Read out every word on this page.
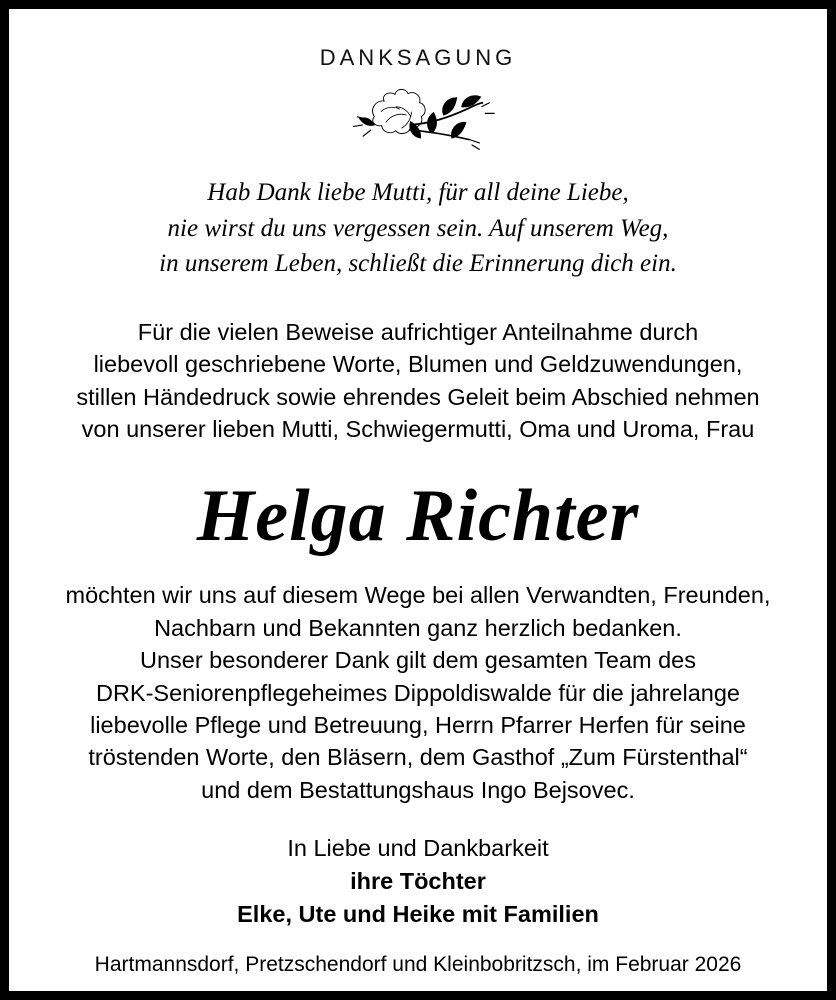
DANKSAGUNG
Hab Dank liebe Mutti, für all deine Liebe,
nie wirst du uns vergessen sein. Auf unserem Weg,
in unserem Leben, schließt die Erinnerung dich ein.
Für die vielen Beweise aufrichtiger Anteilnahme durch
liebevoll geschriebene Worte, Blumen und Geldzuwendungen,
stillen Händedruck sowie ehrendes Geleit beim Abschied nehmen
von unserer lieben Mutti, Schwiegermutti, Oma und Uroma, Frau
Helga Richter
möchten wir uns auf diesem Wege bei allen Verwandten, Freunden,
Nachbarn und Bekannten ganz herzlich bedanken.
Unser besonderer Dank gilt dem gesamten Team des
DRK-Seniorenpflegeheimes Dippoldiswalde für die jahrelange
liebevolle Pflege und Betreuung, Herrn Pfarrer Herfen für seine
tröstenden Worte, den Bläsern, dem Gasthof „Zum Fürstenthal“
und dem Bestattungshaus Ingo Bejsovec.
In Liebe und Dankbarkeit
ihre Töchter
Elke, Ute und Heike mit Familien
Hartmannsdorf, Pretzschendorf und Kleinbobritzsch, im Februar 2026
